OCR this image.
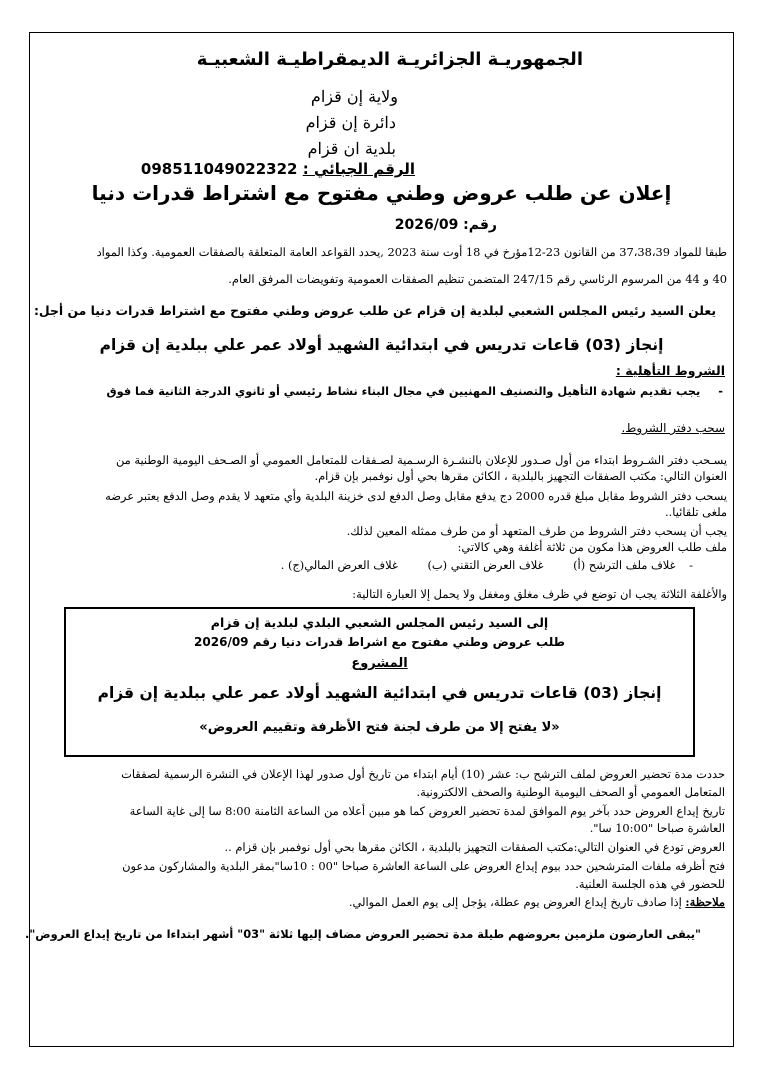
الجمهوريـة الجزائريـة الديمقراطيـة الشعبيـة
ولاية إن قزام
دائرة إن قزام
بلدية ان قزام
الرقم الجبائي : 098511049022322
إعلان عن طلب عروض وطني مفتوح مع اشتراط قدرات دنيا
رقم: 2026/09
طبقا للمواد 37،38،39 من القانون 23-12مؤرخ في 18 أوت سنة 2023 ,يحدد القواعد العامة المتعلقة بالصفقات العمومية. وكذا المواد
40 و 44 من المرسوم الرئاسي رقم 247/15 المتضمن تنظيم الصفقات العمومية وتفويضات المرفق العام.
يعلن السيد رئيس المجلس الشعبي لبلدية إن قزام عن طلب عروض وطني مفتوح مع اشتراط قدرات دنيا من أجل:
إنجاز (03) قاعات تدريس في ابتدائية الشهيد أولاد عمر علي ببلدية إن قزام
الشروط التأهلية :
-يجب تقديم شهادة التأهيل والتصنيف المهنيين في مجال البناء نشاط رئيسي أو ثانوي الدرجة الثانية فما فوق
سحب دفتر الشروط.
يسـحب دفتر الشـروط ابتداء من أول صـدور للإعلان بالنشـرة الرسـمية لصـفقات للمتعامل العمومي أو الصـحف اليومية الوطنية من
العنوان التالي: مكتب الصفقات التجهيز بالبلدية ، الكائن مقرها بحي أول نوفمبر بإن قزام.
يسحب دفتر الشروط مقابل مبلغ قدره 2000 دج يدفع مقابل وصل الدفع لدى خزينة البلدية وأي متعهد لا يقدم وصل الدفع يعتبر عرضه
ملغى تلقائيا..
يجب أن يسحب دفتر الشروط من طرف المتعهد أو من طرف ممثله المعين لذلك.
ملف طلب العروض هذا مكون من ثلاثة أغلفة وهي كالاتي:
- غلاف ملف الترشح (أ) غلاف العرض التقني (ب) غلاف العرض المالي(ج) .
والأغلفة الثلاثة يجب ان توضع في ظرف مغلق ومغفل ولا يحمل إلا العبارة التالية:
إلى السيد رئيس المجلس الشعبي البلدي لبلدية إن قزام
طلب عروض وطني مفتوح مع اشراط قدرات دنيا رقم 2026/09
المشروع
إنجاز (03) قاعات تدريس في ابتدائية الشهيد أولاد عمر علي ببلدية إن قزام
«لا يفتح إلا من طرف لجنة فتح الأظرفة وتقييم العروض»
حددت مدة تحضير العروض لملف الترشح ب: عشر (10) أيام ابتداء من تاريخ أول صدور لهذا الإعلان في النشرة الرسمية لصفقات
المتعامل العمومي أو الصحف اليومية الوطنية والصحف الالكترونية.
تاريخ إيداع العروض حدد بآخر يوم الموافق لمدة تحضير العروض كما هو مبين أعلاه من الساعة الثامنة 8:00 سا إلى غاية الساعة
العاشرة صباحا "10:00 سا".
العروض تودع في العنوان التالي:مكتب الصفقات التجهيز بالبلدية ، الكائن مقرها بحي أول نوفمبر بإن قزام ..
فتح أظرفه ملفات المترشحين حدد بيوم إيداع العروض على الساعة العاشرة صباحا "00 : 10سا"بمقر البلدية والمشاركون مدعون
للحضور في هذه الجلسة العلنية.
ملاحظة: إذا صادف تاريخ إيداع العروض يوم عطلة، يؤجل إلى يوم العمل الموالي.
"يبقى العارضون ملزمين بعروضهم طيلة مدة تحضير العروض مضاف إليها ثلاثة "03" أشهر ابتداءا من تاريخ إيداع العروض".
